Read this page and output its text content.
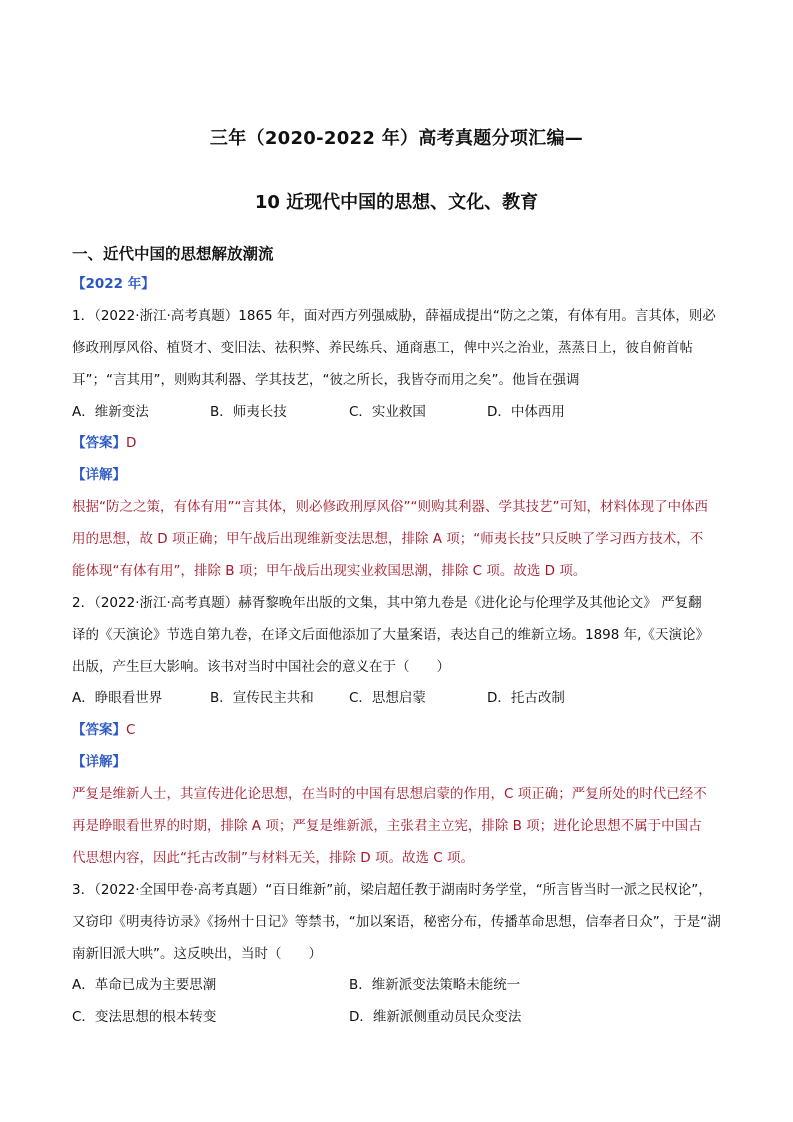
三年（2020-2022 年）高考真题分项汇编—
10 近现代中国的思想、文化、教育
一、近代中国的思想解放潮流
【2022 年】
1．（2022·浙江·高考真题）1865 年，面对西方列强威胁，薛福成提出“防之之策，有体有用。言其体，则必
修政刑厚风俗、植贤才、变旧法、祛积弊、养民练兵、通商惠工，俾中兴之治业，蒸蒸日上，彼自俯首帖
耳”；“言其用”，则购其利器、学其技艺，“彼之所长，我皆夺而用之矣”。他旨在强调
A．维新变法	B．师夷长技	C．实业救国	D．中体西用
【答案】D
【详解】
根据“防之之策，有体有用”“言其体，则必修政刑厚风俗”“则购其利器、学其技艺”可知，材料体现了中体西
用的思想，故 D 项正确；甲午战后出现维新变法思想，排除 A 项；“师夷长技”只反映了学习西方技术，不
能体现“有体有用”，排除 B 项；甲午战后出现实业救国思潮，排除 C 项。故选 D 项。
2．（2022·浙江·高考真题）赫胥黎晚年出版的文集，其中第九卷是《进化论与伦理学及其他论文》 严复翻
译的《天演论》节选自第九卷，在译文后面他添加了大量案语，表达自己的维新立场。1898 年,《天演论》
出版，产生巨大影响。该书对当时中国社会的意义在于（　　）
A．睁眼看世界	B．宣传民主共和	C．思想启蒙	D．托古改制
【答案】C
【详解】
严复是维新人士，其宣传进化论思想，在当时的中国有思想启蒙的作用，C 项正确；严复所处的时代已经不
再是睁眼看世界的时期，排除 A 项；严复是维新派，主张君主立宪，排除 B 项；进化论思想不属于中国古
代思想内容，因此“托古改制”与材料无关，排除 D 项。故选 C 项。
3．（2022·全国甲卷·高考真题）“百日维新”前，梁启超任教于湖南时务学堂，“所言皆当时一派之民权论”，
又窃印《明夷待访录》《扬州十日记》等禁书，“加以案语，秘密分布，传播革命思想，信奉者日众”，于是“湖
南新旧派大哄”。这反映出，当时（　　）
A．革命已成为主要思潮	B．维新派变法策略未能统一
C．变法思想的根本转变	D．维新派侧重动员民众变法
